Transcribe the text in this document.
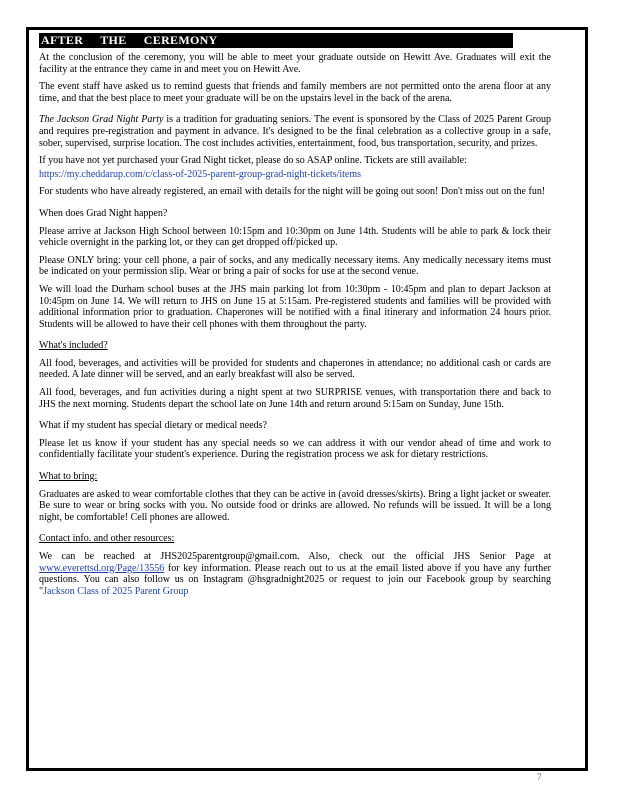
AFTER THE CEREMONY

At the conclusion of the ceremony, you will be able to meet your graduate outside on Hewitt Ave. Graduates will exit the facility at the entrance they came in and meet you on Hewitt Ave.

The event staff have asked us to remind guests that friends and family members are not permitted onto the arena floor at any time, and that the best place to meet your graduate will be on the upstairs level in the back of the arena.

The Jackson Grad Night Party is a tradition for graduating seniors. The event is sponsored by the Class of 2025 Parent Group and requires pre-registration and payment in advance. It's designed to be the final celebration as a collective group in a safe, sober, supervised, surprise location. The cost includes activities, entertainment, food, bus transportation, security, and prizes.

If you have not yet purchased your Grad Night ticket, please do so ASAP online. Tickets are still available:

https://my.cheddarup.com/c/class-of-2025-parent-group-grad-night-tickets/items

For students who have already registered, an email with details for the night will be going out soon! Don't miss out on the fun!

When does Grad Night happen?

Please arrive at Jackson High School between 10:15pm and 10:30pm on June 14th. Students will be able to park & lock their vehicle overnight in the parking lot, or they can get dropped off/picked up.

Please ONLY bring: your cell phone, a pair of socks, and any medically necessary items. Any medically necessary items must be indicated on your permission slip. Wear or bring a pair of socks for use at the second venue.

We will load the Durham school buses at the JHS main parking lot from 10:30pm - 10:45pm and plan to depart Jackson at 10:45pm on June 14. We will return to JHS on June 15 at 5:15am. Pre-registered students and families will be provided with additional information prior to graduation. Chaperones will be notified with a final itinerary and information 24 hours prior. Students will be allowed to have their cell phones with them throughout the party.

What's included?

All food, beverages, and activities will be provided for students and chaperones in attendance; no additional cash or cards are needed. A late dinner will be served, and an early breakfast will also be served.

All food, beverages, and fun activities during a night spent at two SURPRISE venues, with transportation there and back to JHS the next morning. Students depart the school late on June 14th and return around 5:15am on Sunday, June 15th.

What if my student has special dietary or medical needs?

Please let us know if your student has any special needs so we can address it with our vendor ahead of time and work to confidentially facilitate your student's experience. During the registration process we ask for dietary restrictions.

What to bring:

Graduates are asked to wear comfortable clothes that they can be active in (avoid dresses/skirts). Bring a light jacket or sweater. Be sure to wear or bring socks with you. No outside food or drinks are allowed. No refunds will be issued. It will be a long night, be comfortable! Cell phones are allowed.

Contact info. and other resources:

We can be reached at JHS2025parentgroup@gmail.com. Also, check out the official JHS Senior Page at www.everettsd.org/Page/13556 for key information. Please reach out to us at the email listed above if you have any further questions. You can also follow us on Instagram @hsgradnight2025 or request to join our Facebook group by searching "Jackson Class of 2025 Parent Group

7
